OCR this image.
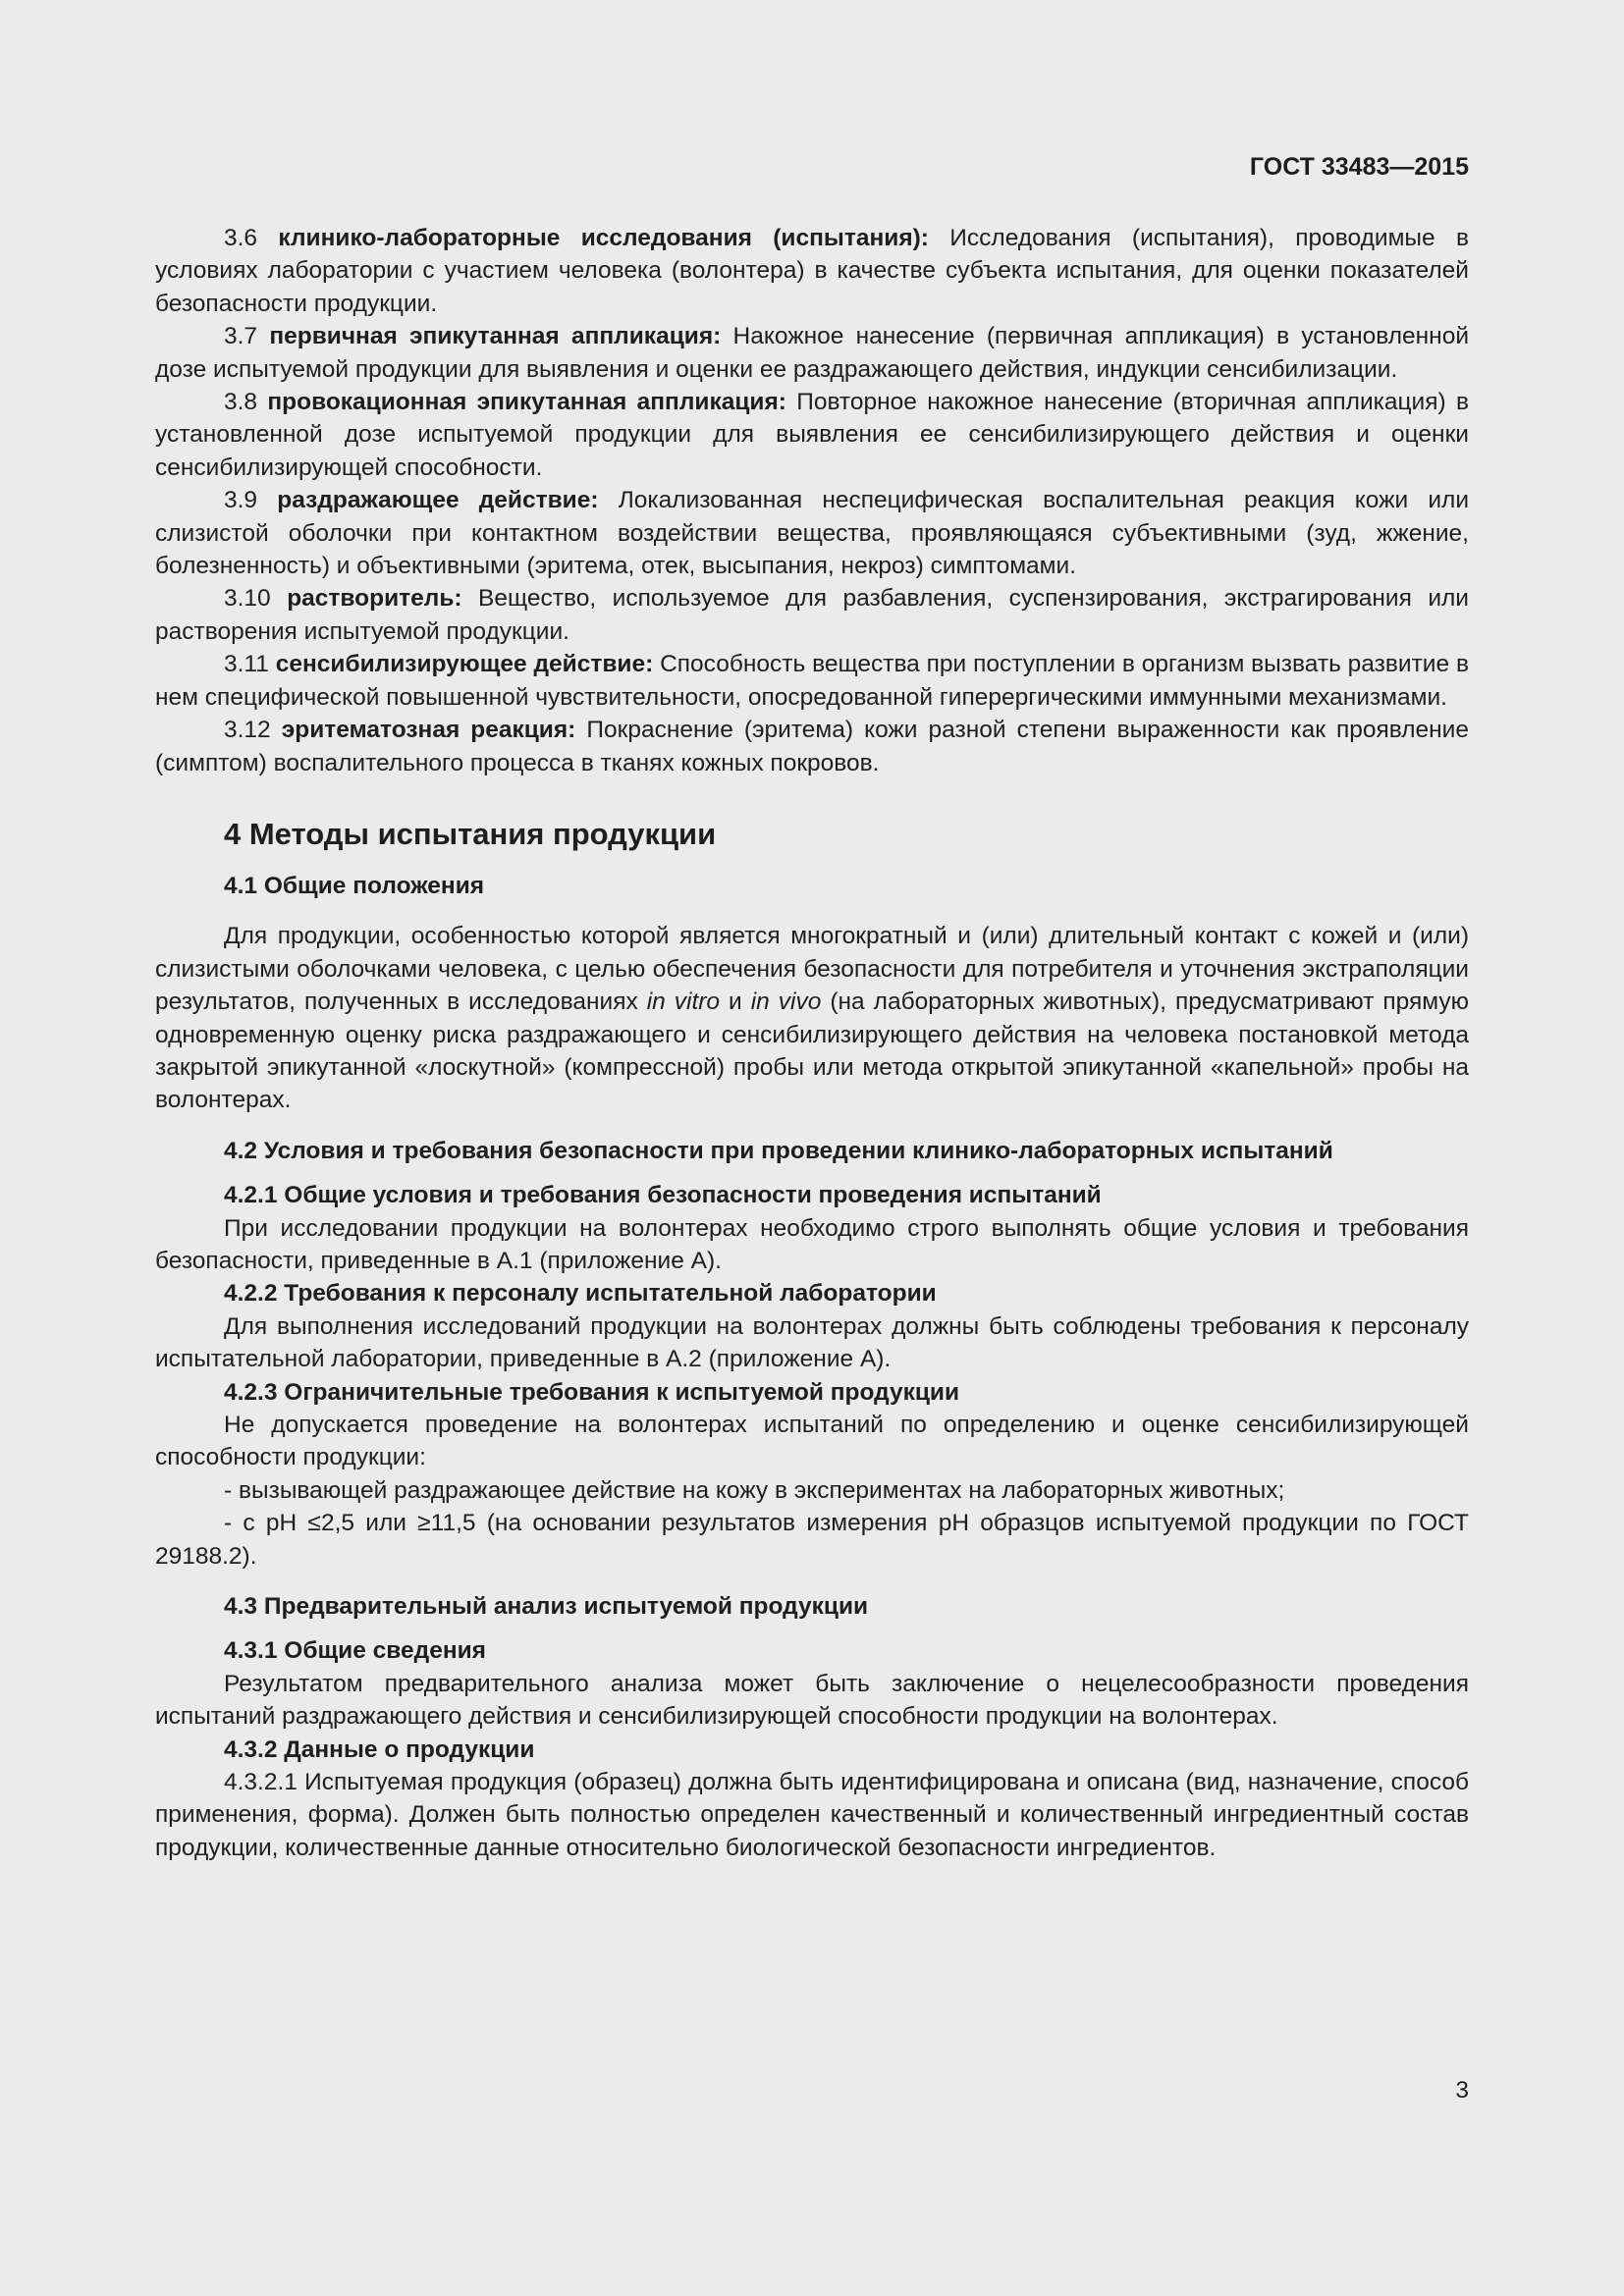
ГОСТ 33483—2015

3.6 клинико-лабораторные исследования (испытания): Исследования (испытания), проводимые в условиях лаборатории с участием человека (волонтера) в качестве субъекта испытания, для оценки показателей безопасности продукции.

3.7 первичная эпикутанная аппликация: Накожное нанесение (первичная аппликация) в установленной дозе испытуемой продукции для выявления и оценки ее раздражающего действия, индукции сенсибилизации.

3.8 провокационная эпикутанная аппликация: Повторное накожное нанесение (вторичная аппликация) в установленной дозе испытуемой продукции для выявления ее сенсибилизирующего действия и оценки сенсибилизирующей способности.

3.9 раздражающее действие: Локализованная неспецифическая воспалительная реакция кожи или слизистой оболочки при контактном воздействии вещества, проявляющаяся субъективными (зуд, жжение, болезненность) и объективными (эритема, отек, высыпания, некроз) симптомами.

3.10 растворитель: Вещество, используемое для разбавления, суспензирования, экстрагирования или растворения испытуемой продукции.

3.11 сенсибилизирующее действие: Способность вещества при поступлении в организм вызвать развитие в нем специфической повышенной чувствительности, опосредованной гиперергическими иммунными механизмами.

3.12 эритематозная реакция: Покраснение (эритема) кожи разной степени выраженности как проявление (симптом) воспалительного процесса в тканях кожных покровов.

4 Методы испытания продукции
4.1 Общие положения

Для продукции, особенностью которой является многократный и (или) длительный контакт с кожей и (или) слизистыми оболочками человека, с целью обеспечения безопасности для потребителя и уточнения экстраполяции результатов, полученных в исследованиях in vitro и in vivo (на лабораторных животных), предусматривают прямую одновременную оценку риска раздражающего и сенсибилизирующего действия на человека постановкой метода закрытой эпикутанной «лоскутной» (компрессной) пробы или метода открытой эпикутанной «капельной» пробы на волонтерах.

4.2 Условия и требования безопасности при проведении клинико-лабораторных испытаний
4.2.1 Общие условия и требования безопасности проведения испытаний

При исследовании продукции на волонтерах необходимо строго выполнять общие условия и требования безопасности, приведенные в А.1 (приложение А).

4.2.2 Требования к персоналу испытательной лаборатории

Для выполнения исследований продукции на волонтерах должны быть соблюдены требования к персоналу испытательной лаборатории, приведенные в А.2 (приложение А).

4.2.3 Ограничительные требования к испытуемой продукции

Не допускается проведение на волонтерах испытаний по определению и оценке сенсибилизирующей способности продукции:

- вызывающей раздражающее действие на кожу в экспериментах на лабораторных животных;

- с рН ≤2,5 или ≥11,5 (на основании результатов измерения рН образцов испытуемой продукции по ГОСТ 29188.2).

4.3 Предварительный анализ испытуемой продукции
4.3.1 Общие сведения

Результатом предварительного анализа может быть заключение о нецелесообразности проведения испытаний раздражающего действия и сенсибилизирующей способности продукции на волонтерах.

4.3.2 Данные о продукции

4.3.2.1 Испытуемая продукция (образец) должна быть идентифицирована и описана (вид, назначение, способ применения, форма). Должен быть полностью определен качественный и количественный ингредиентный состав продукции, количественные данные относительно биологической безопасности ингредиентов.

3
